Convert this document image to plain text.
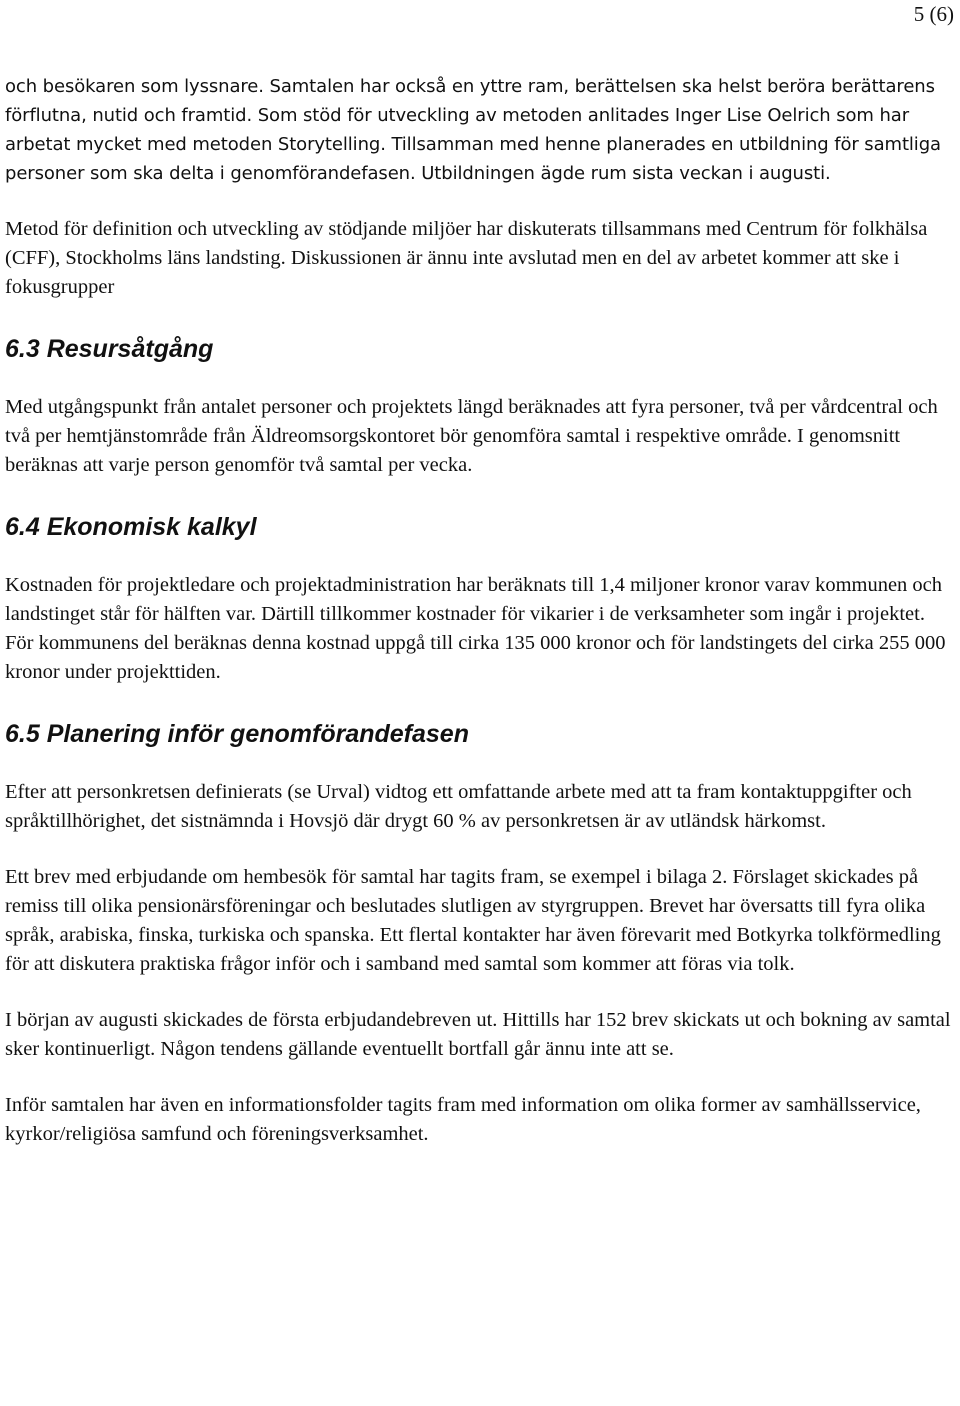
5 (6)

och besökaren som lyssnare. Samtalen har också en yttre ram, berättelsen ska helst beröra berättarens förflutna, nutid och framtid. Som stöd för utveckling av metoden anlitades Inger Lise Oelrich som har arbetat mycket med metoden Storytelling. Tillsamman med henne planerades en utbildning för samtliga personer som ska delta i genomförandefasen. Utbildningen ägde rum sista veckan i augusti.

Metod för definition och utveckling av stödjande miljöer har diskuterats tillsammans med Centrum för folkhälsa (CFF), Stockholms läns landsting. Diskussionen är ännu inte avslutad men en del av arbetet kommer att ske i fokusgrupper

6.3 Resursåtgång

Med utgångspunkt från antalet personer och projektets längd beräknades att fyra personer, två per vårdcentral och två per hemtjänstområde från Äldreomsorgskontoret bör genomföra samtal i respektive område. I genomsnitt beräknas att varje person genomför två samtal per vecka.

6.4 Ekonomisk kalkyl

Kostnaden för projektledare och projektadministration har beräknats till 1,4 miljoner kronor varav kommunen och landstinget står för hälften var. Därtill tillkommer kostnader för vikarier i de verksamheter som ingår i projektet. För kommunens del beräknas denna kostnad uppgå till cirka 135 000 kronor och för landstingets del cirka 255 000 kronor under projekttiden.

6.5 Planering inför genomförandefasen

Efter att personkretsen definierats (se Urval) vidtog ett omfattande arbete med att ta fram kontaktuppgifter och språktillhörighet, det sistnämnda i Hovsjö där drygt 60 % av personkretsen är av utländsk härkomst.

Ett brev med erbjudande om hembesök för samtal har tagits fram, se exempel i bilaga 2. Förslaget skickades på remiss till olika pensionärsföreningar och beslutades slutligen av styrgruppen. Brevet har översatts till fyra olika språk, arabiska, finska, turkiska och spanska. Ett flertal kontakter har även förevarit med Botkyrka tolkförmedling för att diskutera praktiska frågor inför och i samband med samtal som kommer att föras via tolk.

I början av augusti skickades de första erbjudandebreven ut. Hittills har 152 brev skickats ut och bokning av samtal sker kontinuerligt. Någon tendens gällande eventuellt bortfall går ännu inte att se.

Inför samtalen har även en informationsfolder tagits fram med information om olika former av samhällsservice, kyrkor/religiösa samfund och föreningsverksamhet.
